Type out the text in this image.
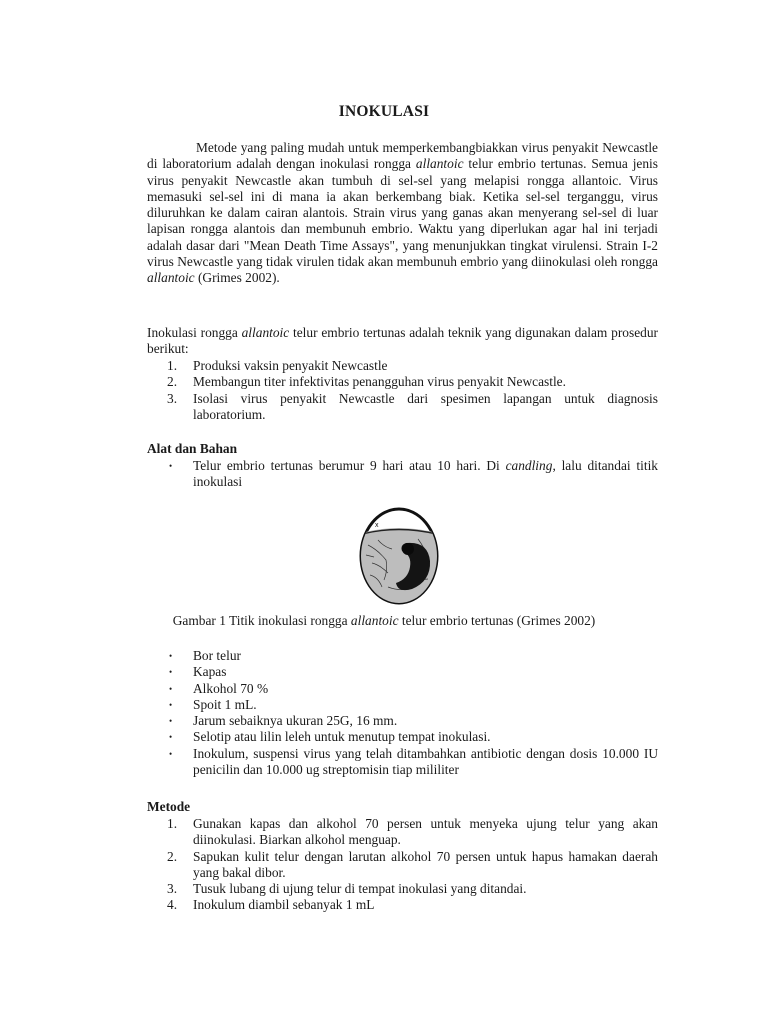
INOKULASI

Metode yang paling mudah untuk memperkembangbiakkan virus penyakit Newcastle di laboratorium adalah dengan inokulasi rongga allantoic telur embrio tertunas. Semua jenis virus penyakit Newcastle akan tumbuh di sel-sel yang melapisi rongga allantoic. Virus memasuki sel-sel ini di mana ia akan berkembang biak. Ketika sel-sel terganggu, virus diluruhkan ke dalam cairan alantois. Strain virus yang ganas akan menyerang sel-sel di luar lapisan rongga alantois dan membunuh embrio. Waktu yang diperlukan agar hal ini terjadi adalah dasar dari "Mean Death Time Assays", yang menunjukkan tingkat virulensi. Strain I-2 virus Newcastle yang tidak virulen tidak akan membunuh embrio yang diinokulasi oleh rongga allantoic (Grimes 2002).

Inokulasi rongga allantoic telur embrio tertunas adalah teknik yang digunakan dalam prosedur berikut:

1.	Produksi vaksin penyakit Newcastle
2.	Membangun titer infektivitas penangguhan virus penyakit Newcastle.
3.	Isolasi virus penyakit Newcastle dari spesimen lapangan untuk diagnosis laboratorium.
Alat dan Bahan
• Telur embrio tertunas berumur 9 hari atau 10 hari. Di candling, lalu ditandai titik inokulasi
x
Gambar 1 Titik inokulasi rongga allantoic telur embrio tertunas (Grimes 2002)
• Bor telur
• Kapas
• Alkohol 70 %
• Spoit 1 mL.
• Jarum sebaiknya ukuran 25G, 16 mm.
• Selotip atau lilin leleh untuk menutup tempat inokulasi.
• Inokulum, suspensi virus yang telah ditambahkan antibiotic dengan dosis 10.000 IU penicilin dan 10.000 ug streptomisin tiap mililiter
Metode
1.	Gunakan kapas dan alkohol 70 persen untuk menyeka ujung telur yang akan diinokulasi. Biarkan alkohol menguap.
2.	Sapukan kulit telur dengan larutan alkohol 70 persen untuk hapus hamakan daerah yang bakal dibor.
3.	Tusuk lubang di ujung telur di tempat inokulasi yang ditandai.
4.	Inokulum diambil sebanyak 1 mL
